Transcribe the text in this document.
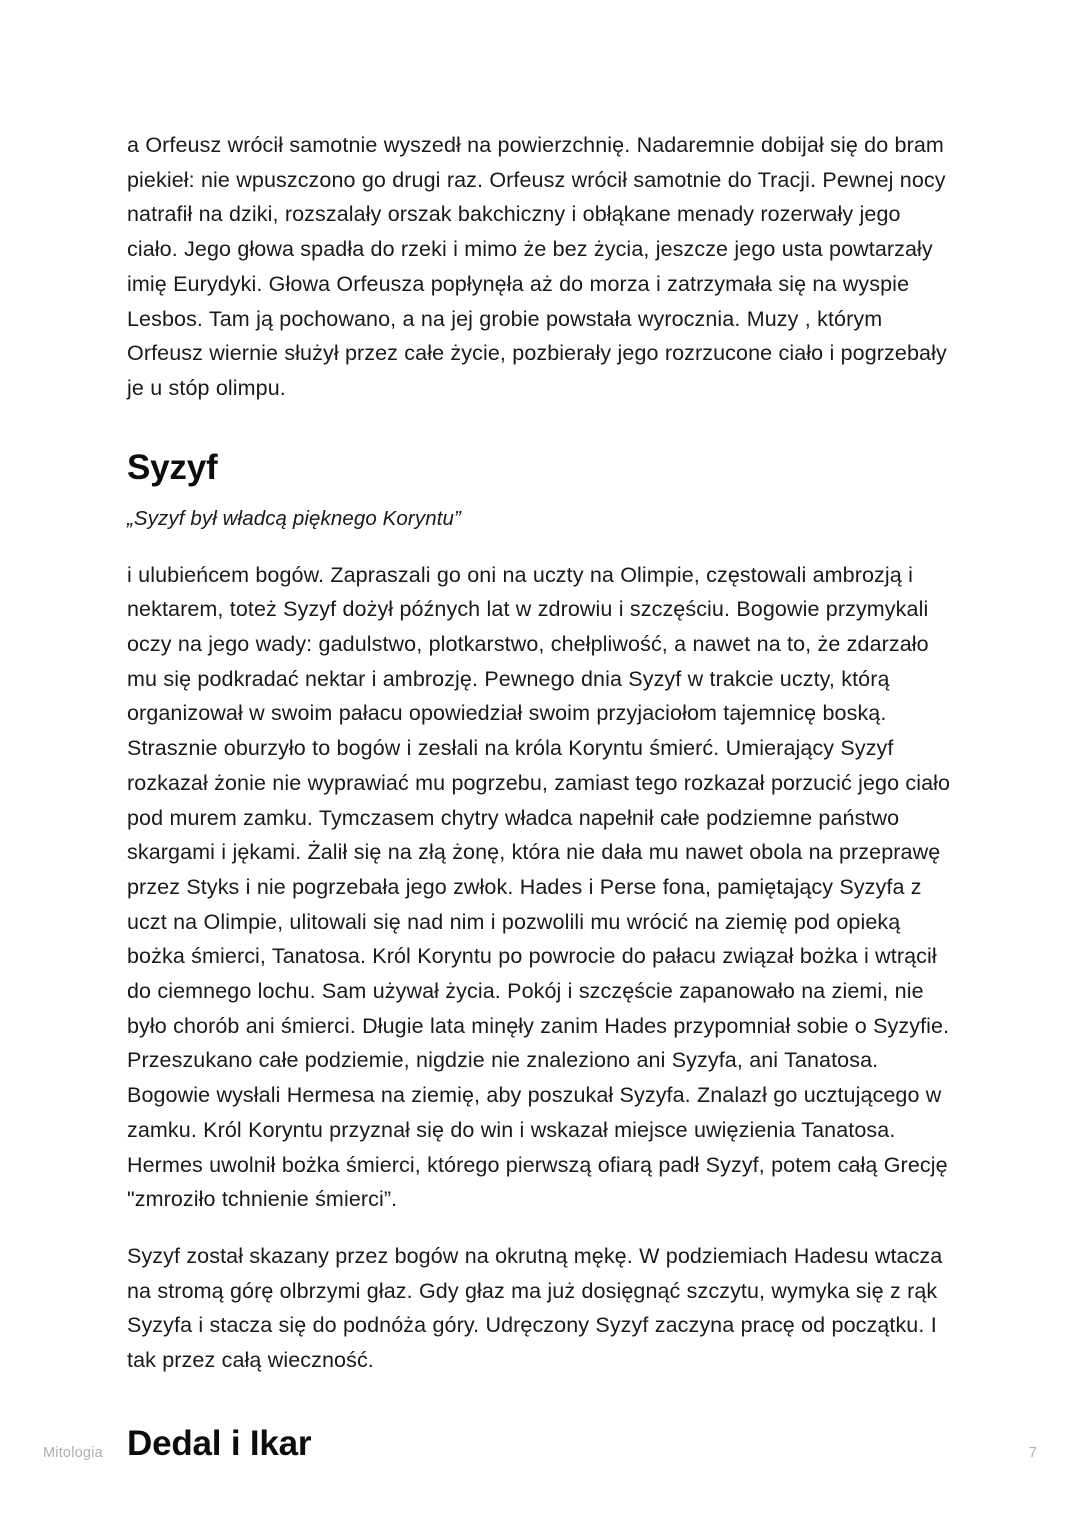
a Orfeusz wrócił samotnie wyszedł na powierzchnię. Nadaremnie dobijał się do bram piekieł: nie wpuszczono go drugi raz. Orfeusz wrócił samotnie do Tracji. Pewnej nocy natrafił na dziki, rozszalały orszak bakchiczny i obłąkane menady rozerwały jego ciało. Jego głowa spadła do rzeki i mimo że bez życia, jeszcze jego usta powtarzały imię Eurydyki. Głowa Orfeusza popłynęła aż do morza i zatrzymała się na wyspie Lesbos. Tam ją pochowano, a na jej grobie powstała wyrocznia. Muzy , którym Orfeusz wiernie służył przez całe życie, pozbierały jego rozrzucone ciało i pogrzebały je u stóp olimpu.

Syzyf

„Syzyf był władcą pięknego Koryntu”

i ulubieńcem bogów. Zapraszali go oni na uczty na Olimpie, częstowali ambrozją i nektarem, toteż Syzyf dożył późnych lat w zdrowiu i szczęściu. Bogowie przymykali oczy na jego wady: gadulstwo, plotkarstwo, chełpliwość, a nawet na to, że zdarzało mu się podkradać nektar i ambrozję. Pewnego dnia Syzyf w trakcie uczty, którą organizował w swoim pałacu opowiedział swoim przyjaciołom tajemnicę boską. Strasznie oburzyło to bogów i zesłali na króla Koryntu śmierć. Umierający Syzyf rozkazał żonie nie wyprawiać mu pogrzebu, zamiast tego rozkazał porzucić jego ciało pod murem zamku. Tymczasem chytry władca napełnił całe podziemne państwo skargami i jękami. Żalił się na złą żonę, która nie dała mu nawet obola na przeprawę przez Styks i nie pogrzebała jego zwłok. Hades i Perse fona, pamiętający Syzyfa z uczt na Olimpie, ulitowali się nad nim i pozwolili mu wrócić na ziemię pod opieką bożka śmierci, Tanatosa. Król Koryntu po powrocie do pałacu związał bożka i wtrącił do ciemnego lochu. Sam używał życia. Pokój i szczęście zapanowało na ziemi, nie było chorób ani śmierci. Długie lata minęły zanim Hades przypomniał sobie o Syzyfie. Przeszukano całe podziemie, nigdzie nie znaleziono ani Syzyfa, ani Tanatosa. Bogowie wysłali Hermesa na ziemię, aby poszukał Syzyfa. Znalazł go ucztującego w zamku. Król Koryntu przyznał się do win i wskazał miejsce uwięzienia Tanatosa. Hermes uwolnił bożka śmierci, którego pierwszą ofiarą padł Syzyf, potem całą Grecję "zmroziło tchnienie śmierci”.

Syzyf został skazany przez bogów na okrutną mękę. W podziemiach Hadesu wtacza na stromą górę olbrzymi głaz. Gdy głaz ma już dosięgnąć szczytu, wymyka się z rąk Syzyfa i stacza się do podnóża góry. Udręczony Syzyf zaczyna pracę od początku. I tak przez całą wieczność.

Dedal i Ikar
Mitologia	7
